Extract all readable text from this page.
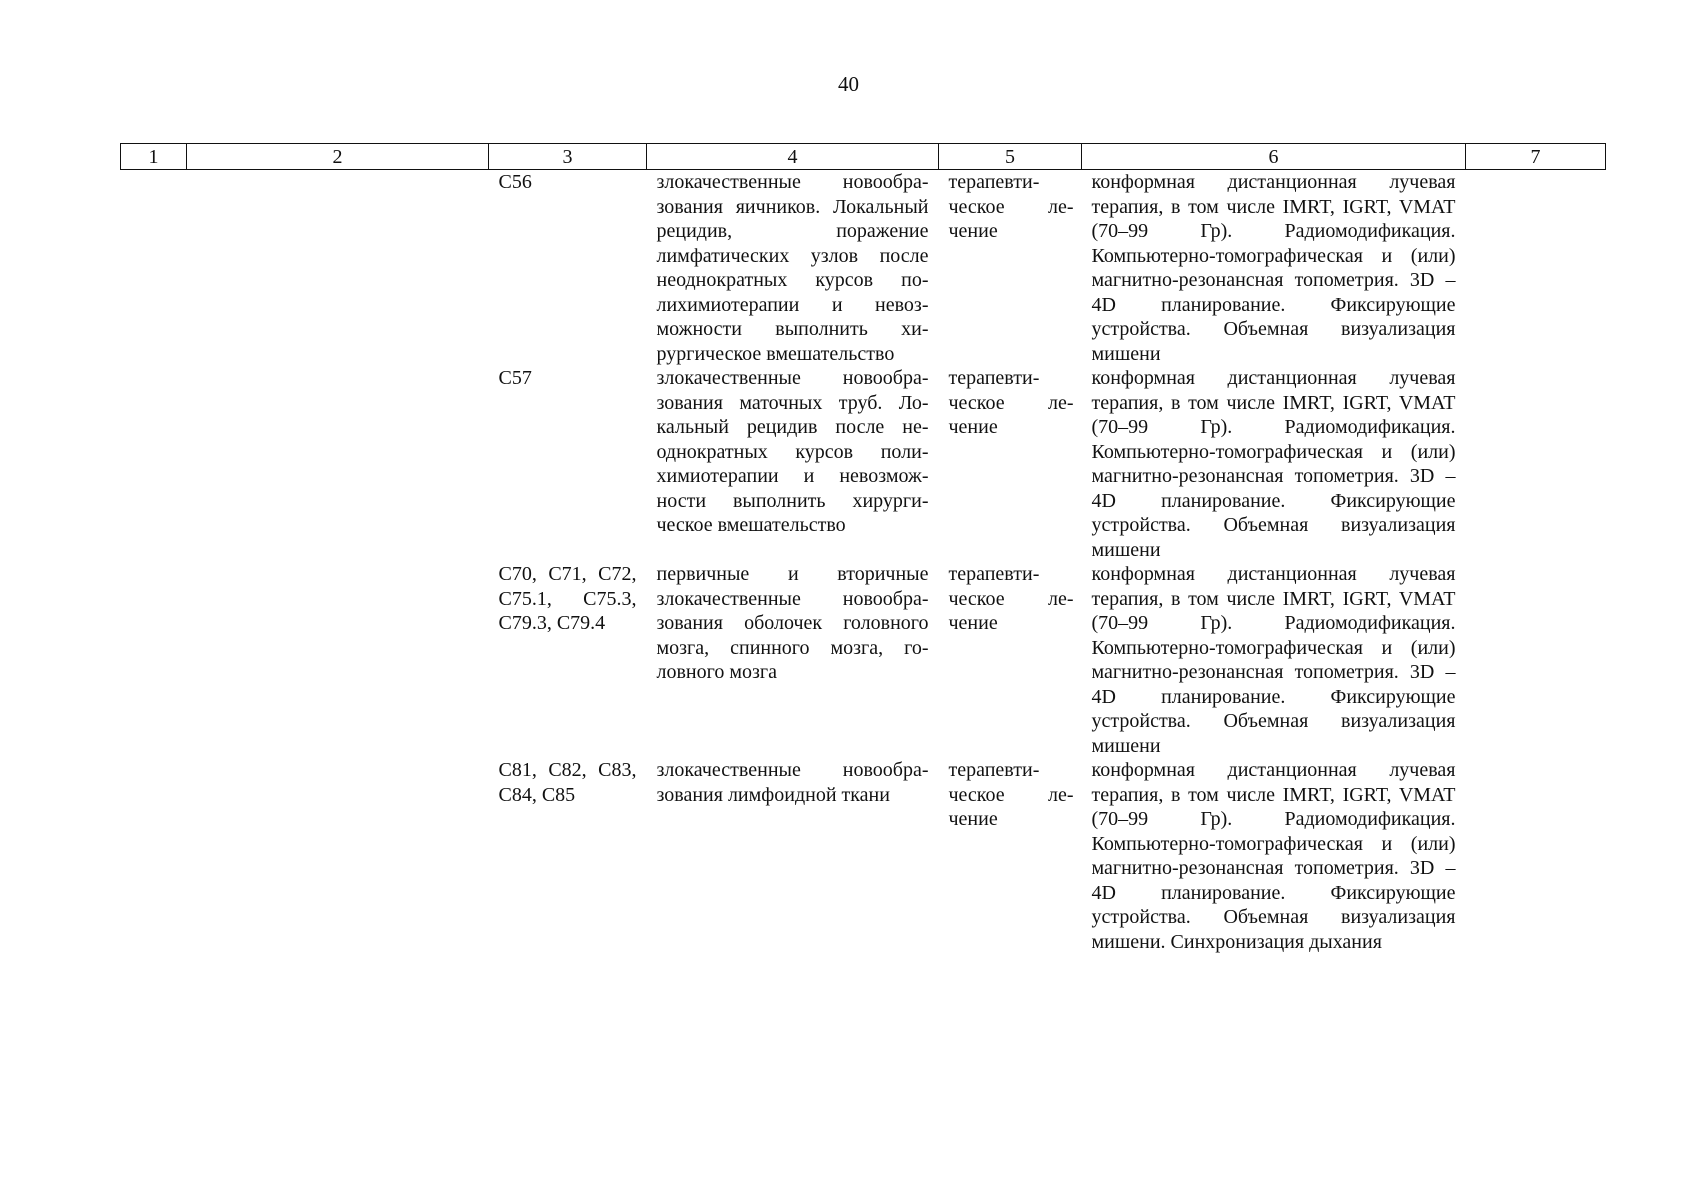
40
1	2	3	4	5	6	7
		C56	злокачественные новообразования яичников. Локальный рецидив, поражение лимфатических узлов после неоднократных курсов полихимиотерапии и невозможности выполнить хирургическое вмешательство	терапевтическое лечение	конформная дистанционная лучевая терапия, в том числе IMRT, IGRT, VMAT (70–99 Гр). Радиомодификация. Компьютерно-томографическая и (или) магнитно-резонансная топометрия. 3D – 4D планирование. Фиксирующие устройства. Объемная визуализация мишени	
		C57	злокачественные новообразования маточных труб. Локальный рецидив после неоднократных курсов полихимиотерапии и невозможности выполнить хирургическое вмешательство	терапевтическое лечение	конформная дистанционная лучевая терапия, в том числе IMRT, IGRT, VMAT (70–99 Гр). Радиомодификация. Компьютерно-томографическая и (или) магнитно-резонансная топометрия. 3D – 4D планирование. Фиксирующие устройства. Объемная визуализация мишени	
		C70, C71, C72, C75.1, C75.3, C79.3, C79.4	первичные и вторичные злокачественные новообразования оболочек головного мозга, спинного мозга, головного мозга	терапевтическое лечение	конформная дистанционная лучевая терапия, в том числе IMRT, IGRT, VMAT (70–99 Гр). Радиомодификация. Компьютерно-томографическая и (или) магнитно-резонансная топометрия. 3D – 4D планирование. Фиксирующие устройства. Объемная визуализация мишени	
		C81, C82, C83, C84, C85	злокачественные новообразования лимфоидной ткани	терапевтическое лечение	конформная дистанционная лучевая терапия, в том числе IMRT, IGRT, VMAT (70–99 Гр). Радиомодификация. Компьютерно-томографическая и (или) магнитно-резонансная топометрия. 3D – 4D планирование. Фиксирующие устройства. Объемная визуализация мишени. Синхронизация дыхания	
